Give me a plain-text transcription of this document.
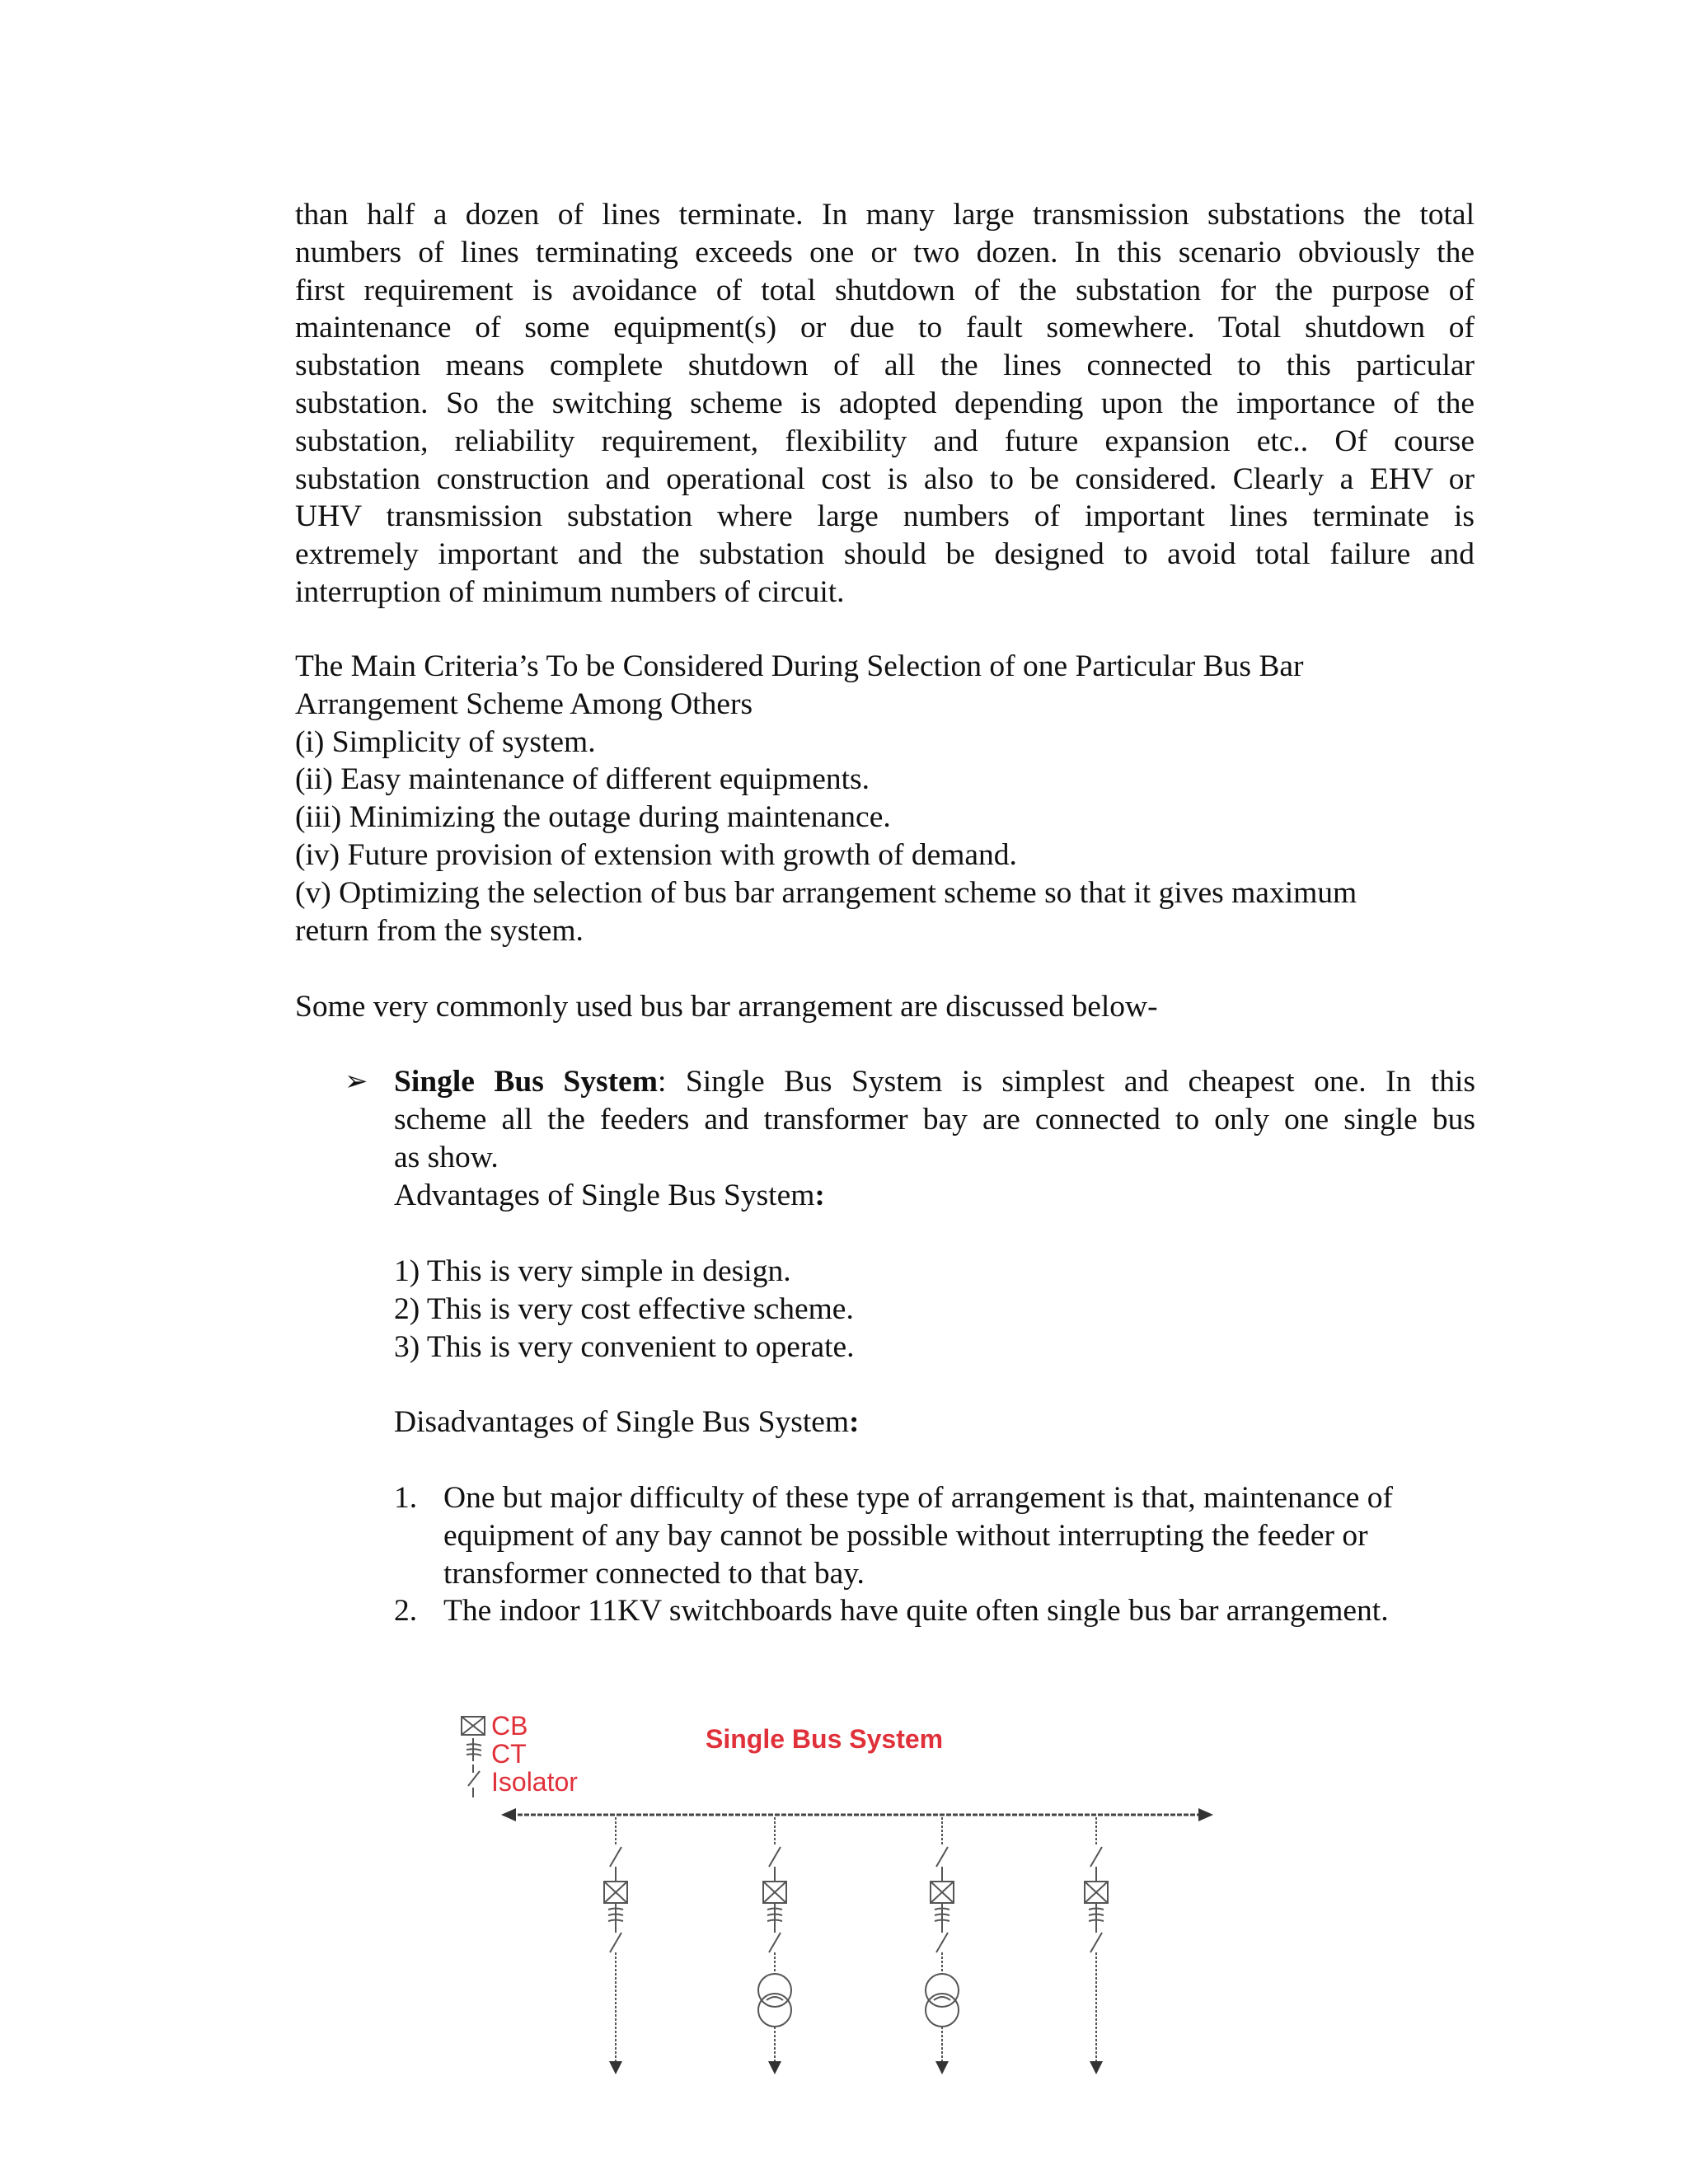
than half a dozen of lines terminate. In many large transmission substations the total
numbers of lines terminating exceeds one or two dozen. In this scenario obviously the
first requirement is avoidance of total shutdown of the substation for the purpose of
maintenance of some equipment(s) or due to fault somewhere. Total shutdown of
substation means complete shutdown of all the lines connected to this particular
substation. So the switching scheme is adopted depending upon the importance of the
substation, reliability requirement, flexibility and future expansion etc.. Of course
substation construction and operational cost is also to be considered. Clearly a EHV or
UHV transmission substation where large numbers of important lines terminate is
extremely important and the substation should be designed to avoid total failure and
interruption of minimum numbers of circuit.
The Main Criteria’s To be Considered During Selection of one Particular Bus Bar
Arrangement Scheme Among Others
(i) Simplicity of system.
(ii) Easy maintenance of different equipments.
(iii) Minimizing the outage during maintenance.
(iv) Future provision of extension with growth of demand.
(v) Optimizing the selection of bus bar arrangement scheme so that it gives maximum
return from the system.
Some very commonly used bus bar arrangement are discussed below-
➢ Single Bus System: Single Bus System is simplest and cheapest one. In this
scheme all the feeders and transformer bay are connected to only one single bus
as show.
Advantages of Single Bus System:
1) This is very simple in design.
2) This is very cost effective scheme.
3) This is very convenient to operate.
Disadvantages of Single Bus System:
1. One but major difficulty of these type of arrangement is that, maintenance of
equipment of any bay cannot be possible without interrupting the feeder or
transformer connected to that bay.
2. The indoor 11KV switchboards have quite often single bus bar arrangement.
CB
CT
Isolator
Single Bus System
